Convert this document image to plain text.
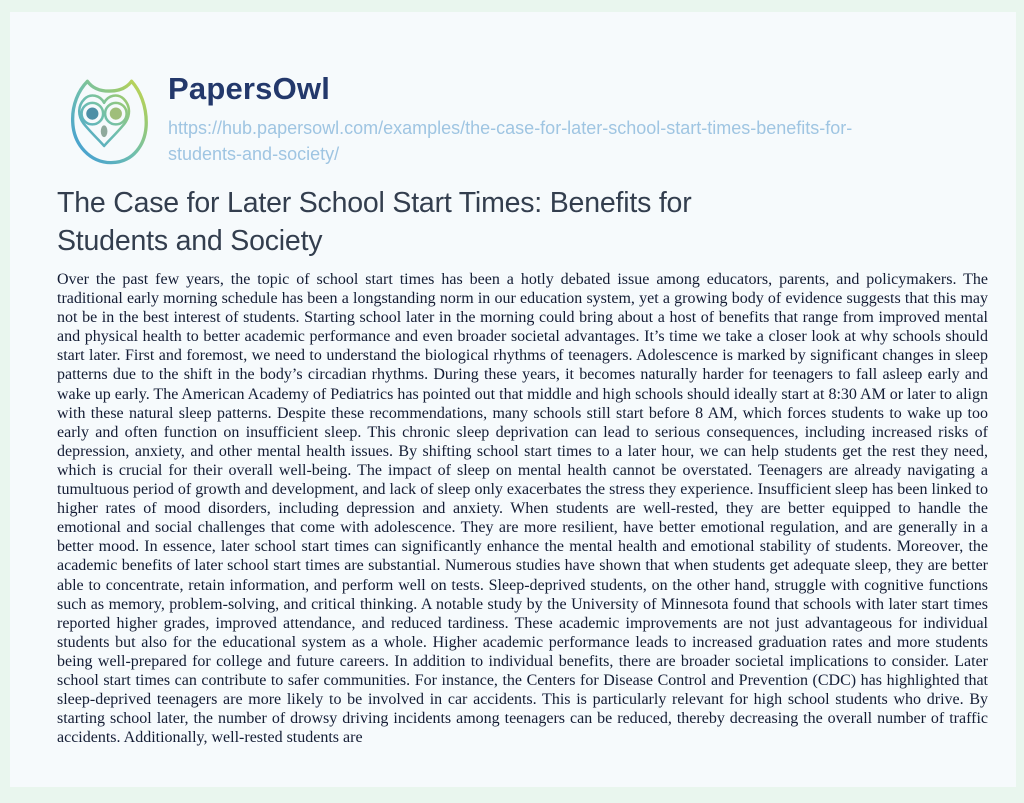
PapersOwl
https://hub.papersowl.com/examples/the-case-for-later-school-start-times-benefits-for-students-and-society/
The Case for Later School Start Times: Benefits for Students and Society

Over the past few years, the topic of school start times has been a hotly debated issue among educators, parents, and policymakers. The traditional early morning schedule has been a longstanding norm in our education system, yet a growing body of evidence suggests that this may not be in the best interest of students. Starting school later in the morning could bring about a host of benefits that range from improved mental and physical health to better academic performance and even broader societal advantages. It’s time we take a closer look at why schools should start later. First and foremost, we need to understand the biological rhythms of teenagers. Adolescence is marked by significant changes in sleep patterns due to the shift in the body’s circadian rhythms. During these years, it becomes naturally harder for teenagers to fall asleep early and wake up early. The American Academy of Pediatrics has pointed out that middle and high schools should ideally start at 8:30 AM or later to align with these natural sleep patterns. Despite these recommendations, many schools still start before 8 AM, which forces students to wake up too early and often function on insufficient sleep. This chronic sleep deprivation can lead to serious consequences, including increased risks of depression, anxiety, and other mental health issues. By shifting school start times to a later hour, we can help students get the rest they need, which is crucial for their overall well-being. The impact of sleep on mental health cannot be overstated. Teenagers are already navigating a tumultuous period of growth and development, and lack of sleep only exacerbates the stress they experience. Insufficient sleep has been linked to higher rates of mood disorders, including depression and anxiety. When students are well-rested, they are better equipped to handle the emotional and social challenges that come with adolescence. They are more resilient, have better emotional regulation, and are generally in a better mood. In essence, later school start times can significantly enhance the mental health and emotional stability of students. Moreover, the academic benefits of later school start times are substantial. Numerous studies have shown that when students get adequate sleep, they are better able to concentrate, retain information, and perform well on tests. Sleep-deprived students, on the other hand, struggle with cognitive functions such as memory, problem-solving, and critical thinking. A notable study by the University of Minnesota found that schools with later start times reported higher grades, improved attendance, and reduced tardiness. These academic improvements are not just advantageous for individual students but also for the educational system as a whole. Higher academic performance leads to increased graduation rates and more students being well-prepared for college and future careers. In addition to individual benefits, there are broader societal implications to consider. Later school start times can contribute to safer communities. For instance, the Centers for Disease Control and Prevention (CDC) has highlighted that sleep-deprived teenagers are more likely to be involved in car accidents. This is particularly relevant for high school students who drive. By starting school later, the number of drowsy driving incidents among teenagers can be reduced, thereby decreasing the overall number of traffic accidents. Additionally, well-rested students are
